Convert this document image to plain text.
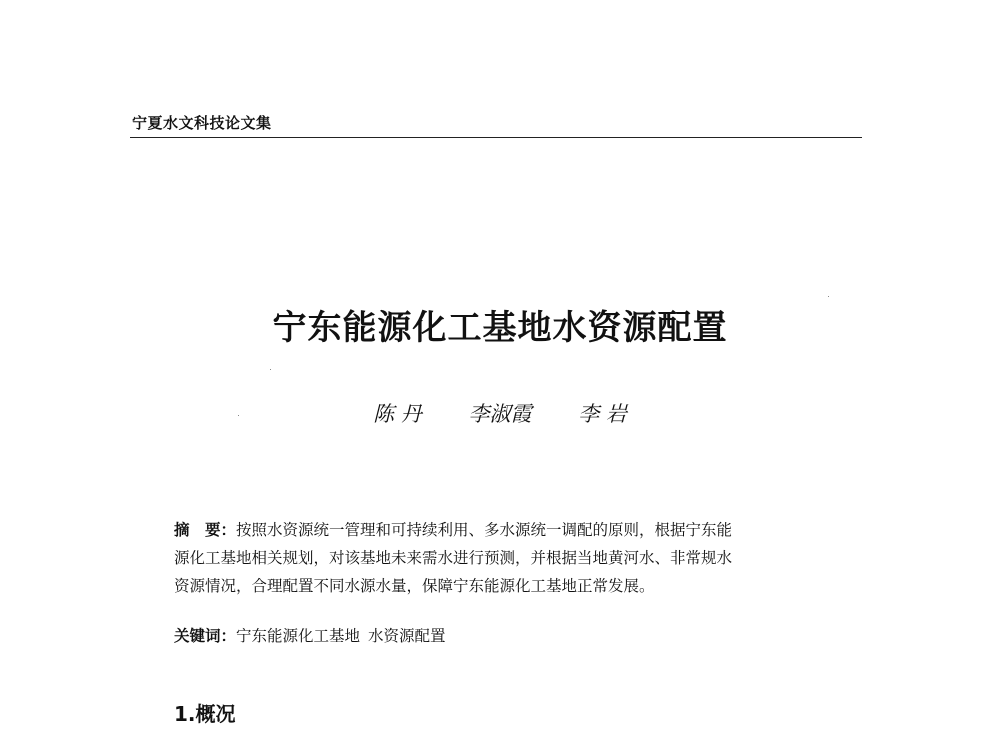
宁夏水文科技论文集
宁东能源化工基地水资源配置
陈 丹 李淑霞 李 岩
摘　要：按照水资源统一管理和可持续利用、多水源统一调配的原则，根据宁东能
源化工基地相关规划，对该基地未来需水进行预测，并根据当地黄河水、非常规水
资源情况，合理配置不同水源水量，保障宁东能源化工基地正常发展。
关键词：宁东能源化工基地 水资源配置
1.概况
